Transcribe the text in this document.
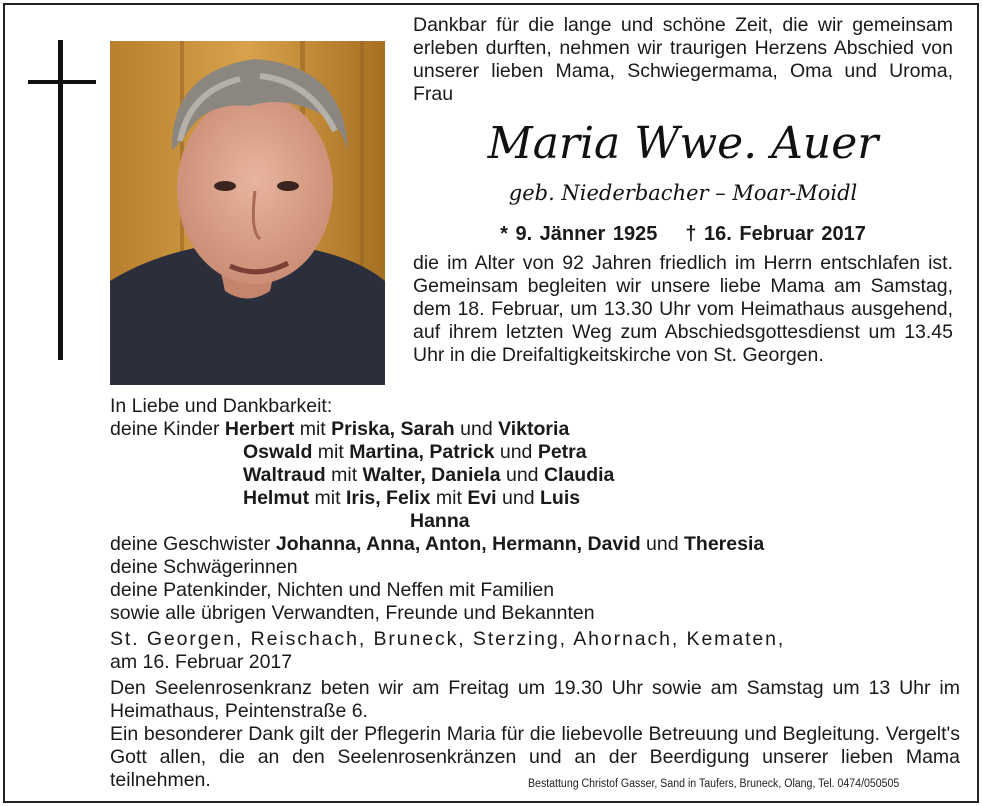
Dankbar für die lange und schöne Zeit, die wir gemeinsam erleben durften, nehmen wir traurigen Herzens Abschied von unserer lieben Mama, Schwiegermama, Oma und Uroma, Frau
Maria Wwe. Auer
geb. Niederbacher – Moar-Moidl
* 9. Jänner 1925 † 16. Februar 2017
die im Alter von 92 Jahren friedlich im Herrn entschlafen ist. Gemeinsam begleiten wir unsere liebe Mama am Samstag, dem 18. Februar, um 13.30 Uhr vom Heimathaus ausgehend, auf ihrem letzten Weg zum Abschiedsgottesdienst um 13.45 Uhr in die Dreifaltigkeitskirche von St. Georgen.
In Liebe und Dankbarkeit:
deine Kinder Herbert mit Priska, Sarah und Viktoria
Oswald mit Martina, Patrick und Petra
Waltraud mit Walter, Daniela und Claudia
Helmut mit Iris, Felix mit Evi und Luis
Hanna
deine Geschwister Johanna, Anna, Anton, Hermann, David und Theresia
deine Schwägerinnen
deine Patenkinder, Nichten und Neffen mit Familien
sowie alle übrigen Verwandten, Freunde und Bekannten
St. Georgen, Reischach, Bruneck, Sterzing, Ahornach, Kematen,
am 16. Februar 2017
Den Seelenrosenkranz beten wir am Freitag um 19.30 Uhr sowie am Samstag um 13 Uhr im Heimathaus, Peintenstraße 6.
Ein besonderer Dank gilt der Pflegerin Maria für die liebevolle Betreuung und Begleitung. Vergelt's Gott allen, die an den Seelenrosenkränzen und an der Beerdigung unserer lieben Mama teilnehmen.	Bestattung Christof Gasser, Sand in Taufers, Bruneck, Olang, Tel. 0474/050505
